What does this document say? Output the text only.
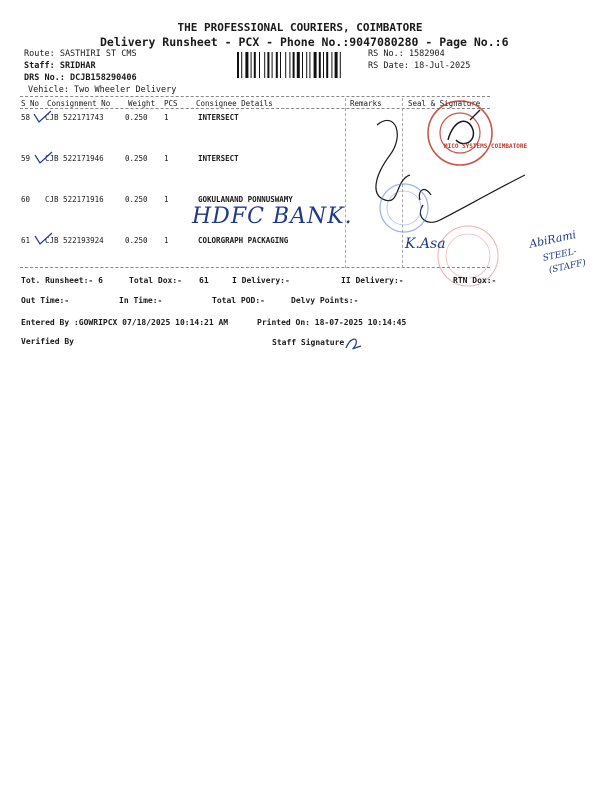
THE PROFESSIONAL COURIERS, COIMBATORE
Delivery Runsheet - PCX - Phone No.:9047080280 - Page No.:6
Route: SASTHIRI ST CMS
Staff: SRIDHAR
DRS No.: DCJB158290406
Vehicle: Two Wheeler Delivery
RS No.: 1582904
RS Date: 18-Jul-2025
S No Consignment No Weight PCS Consignee Details	Remarks	Seal & Signature
58 CJB 522171743	0.250 1	INTERSECT
59 CJB 522171946	0.250 1	INTERSECT
60 CJB 522171916	0.250 1	GOKULANAND PONNUSWAMY
61 CJB 522193924	0.250 1	COLORGRAPH PACKAGING
HDFC BANK.
MICO SYSTEMS COIMBATORE
K.Asa	AbiRami
STEEL-
(STAFF)
Tot. Runsheet:- 6	Total Dox:- 61	I Delivery:-	II Delivery:-	RTN Dox:-
Out Time:-	In Time:-	Total POD:-	Delvy Points:-
Entered By :GOWRIPCX 07/18/2025 10:14:21 AM	Printed On: 18-07-2025 10:14:45
Verified By	Staff Signature
